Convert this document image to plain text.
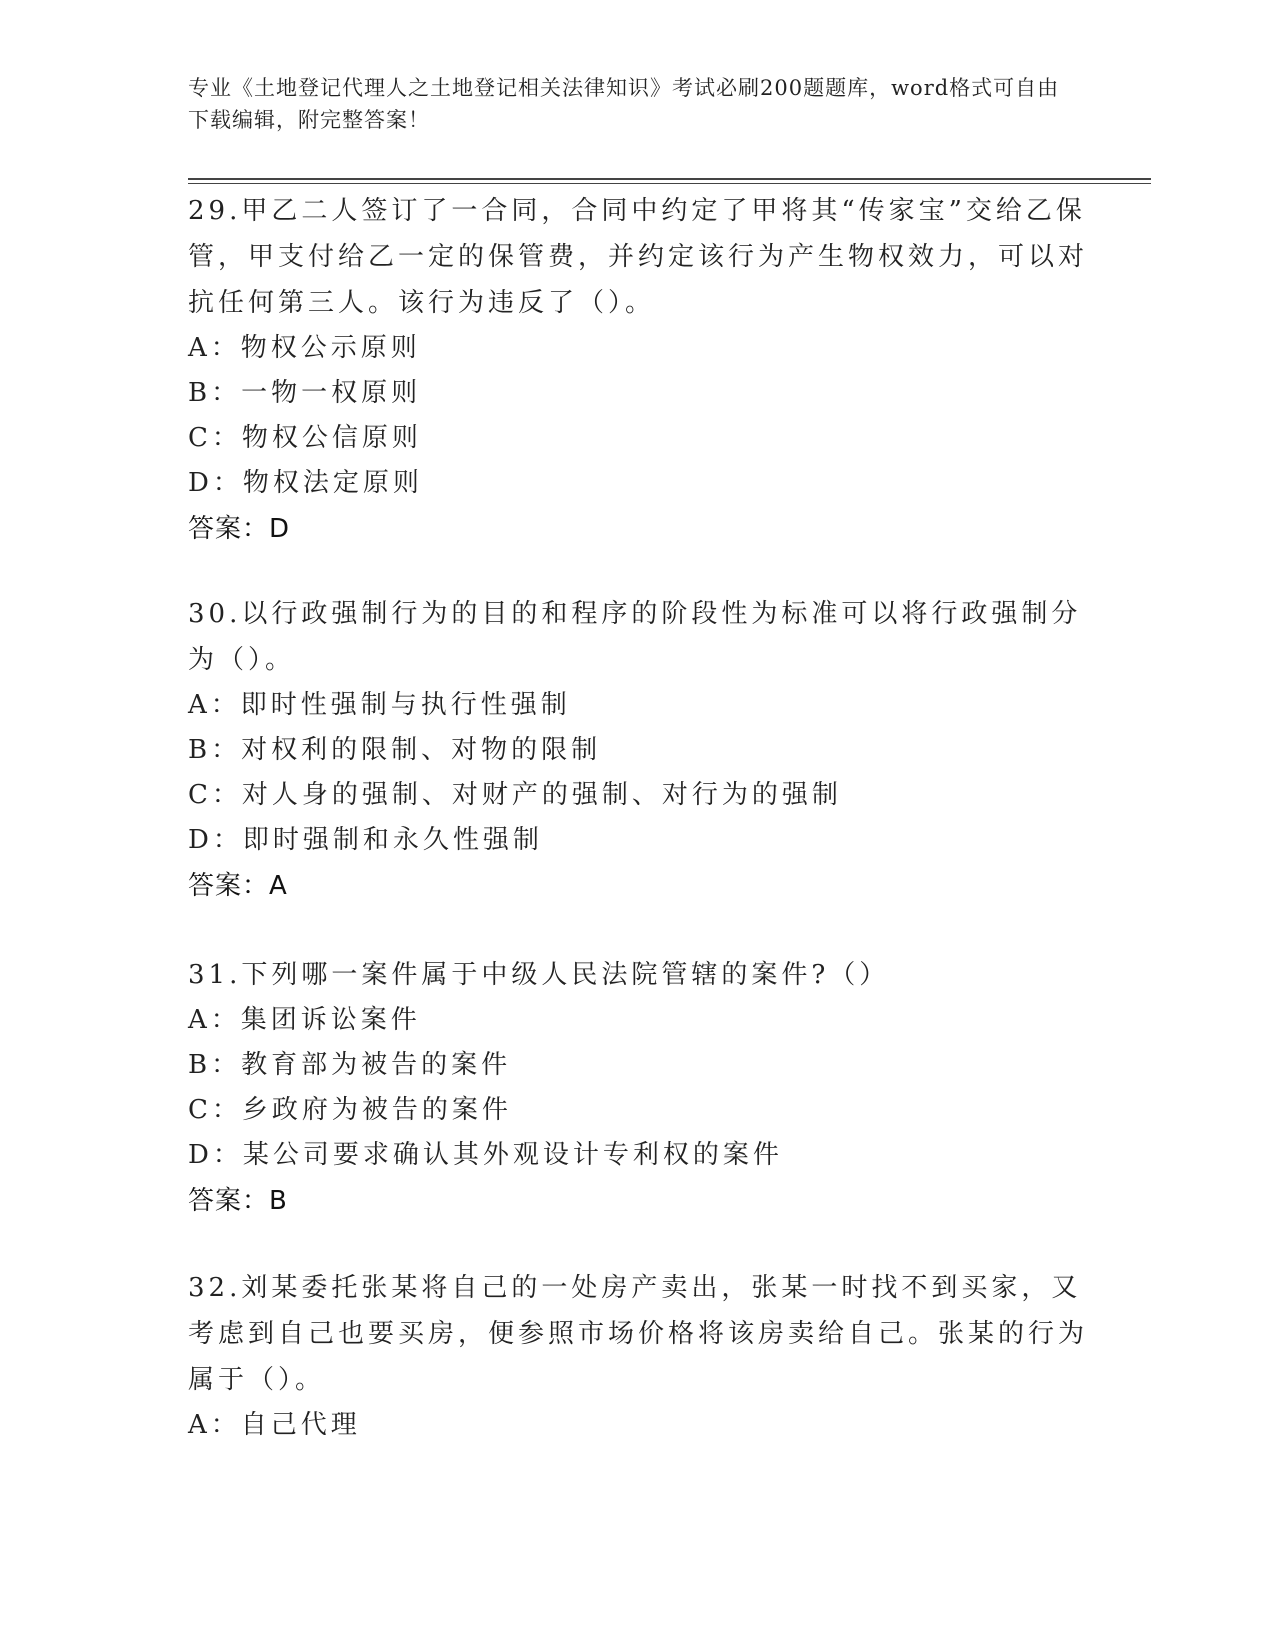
专业《土地登记代理人之土地登记相关法律知识》考试必刷200题题库，word格式可自由下载编辑，附完整答案！

29.甲乙二人签订了一合同，合同中约定了甲将其“传家宝”交给乙保管，甲支付给乙一定的保管费，并约定该行为产生物权效力，可以对抗任何第三人。该行为违反了（）。

A：物权公示原则

B：一物一权原则

C：物权公信原则

D：物权法定原则

答案：D

30.以行政强制行为的目的和程序的阶段性为标准可以将行政强制分为（）。

A：即时性强制与执行性强制

B：对权利的限制、对物的限制

C：对人身的强制、对财产的强制、对行为的强制

D：即时强制和永久性强制

答案：A

31.下列哪一案件属于中级人民法院管辖的案件?（）

A：集团诉讼案件

B：教育部为被告的案件

C：乡政府为被告的案件

D：某公司要求确认其外观设计专利权的案件

答案：B

32.刘某委托张某将自己的一处房产卖出，张某一时找不到买家，又考虑到自己也要买房，便参照市场价格将该房卖给自己。张某的行为属于（）。

A：自己代理
